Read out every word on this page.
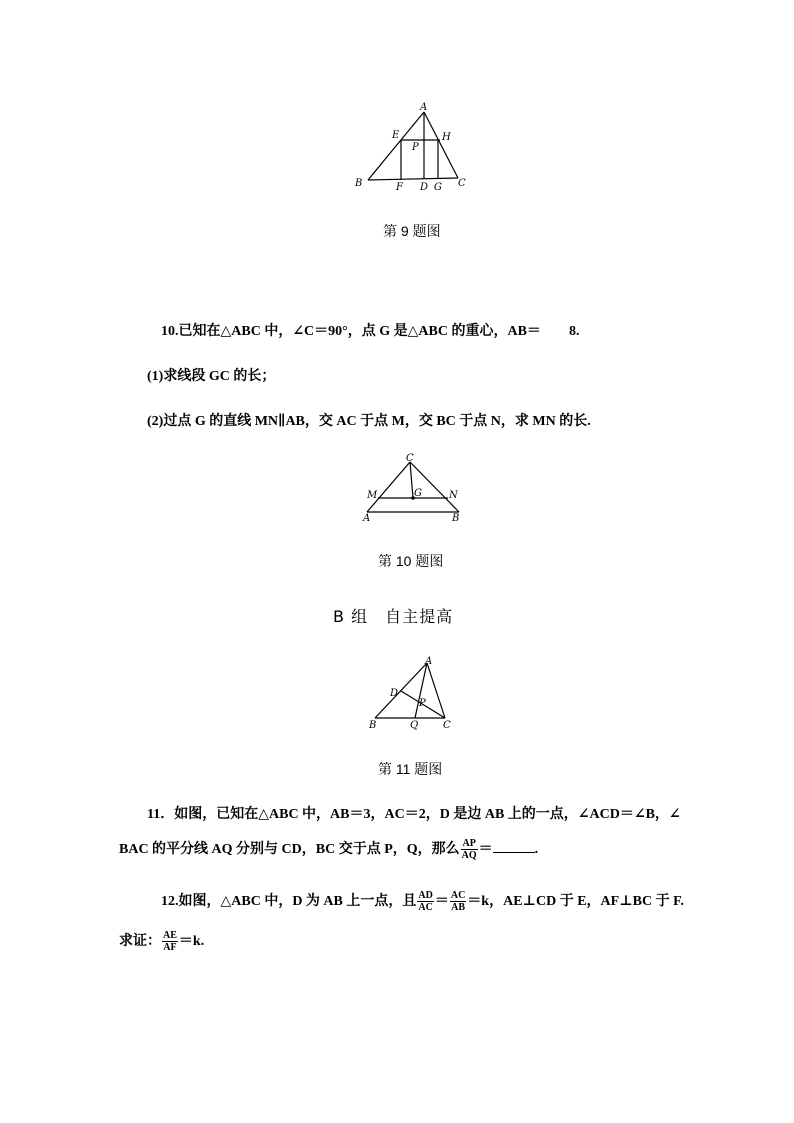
A
E	H
P
B	F D G C
第 9 题图
10.已知在△ABC 中，∠C＝90°，点 G 是△ABC 的重心，AB＝ 8.
(1)求线段 GC 的长；
(2)过点 G 的直线 MN∥AB，交 AC 于点 M，交 BC 于点 N，求 MN 的长.
C
M	G	N
A	B
第 10 题图
B 组　自主提高
A
D
P
B	Q C
第 11 题图
11．如图，已知在△ABC 中，AB＝3，AC＝2，D 是边 AB 上的一点，∠ACD＝∠B，∠
BAC 的平分线 AQ 分别与 CD，BC 交于点 P，Q，那么 $\frac{AP}{AQ}$ ＝	.
12.如图，△ABC 中，D 为 AB 上一点，且 $\frac{AD}{AC} = \frac{AC}{AB} =k$，AE⊥CD 于 E，AF⊥BC 于 F.
求证： $\frac{AE}{AF} =k$.
